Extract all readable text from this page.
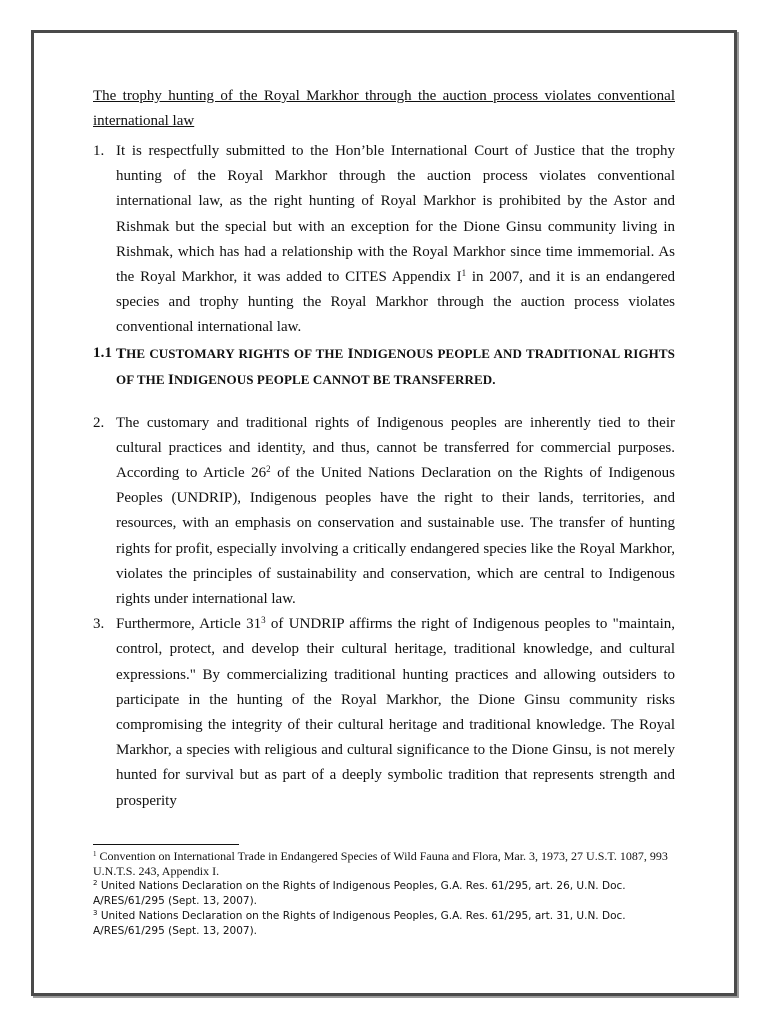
The trophy hunting of the Royal Markhor through the auction process violates conventional international law

1. It is respectfully submitted to the Hon’ble International Court of Justice that the trophy hunting of the Royal Markhor through the auction process violates conventional international law, as the right hunting of Royal Markhor is prohibited by the Astor and Rishmak but the special but with an exception for the Dione Ginsu community living in Rishmak, which has had a relationship with the Royal Markhor since time immemorial. As the Royal Markhor, it was added to CITES Appendix $I^1$ in 2007, and it is an endangered species and trophy hunting the Royal Markhor through the auction process violates conventional international law.

1.1 THE CUSTOMARY RIGHTS OF THE INDIGENOUS PEOPLE AND TRADITIONAL RIGHTS OF THE INDIGENOUS PEOPLE CANNOT BE TRANSFERRED.

2. The customary and traditional rights of Indigenous peoples are inherently tied to their cultural practices and identity, and thus, cannot be transferred for commercial purposes. According to Article $26^2$ of the United Nations Declaration on the Rights of Indigenous Peoples (UNDRIP), Indigenous peoples have the right to their lands, territories, and resources, with an emphasis on conservation and sustainable use. The transfer of hunting rights for profit, especially involving a critically endangered species like the Royal Markhor, violates the principles of sustainability and conservation, which are central to Indigenous rights under international law.

3. Furthermore, Article $31^3$ of UNDRIP affirms the right of Indigenous peoples to "maintain, control, protect, and develop their cultural heritage, traditional knowledge, and cultural expressions." By commercializing traditional hunting practices and allowing outsiders to participate in the hunting of the Royal Markhor, the Dione Ginsu community risks compromising the integrity of their cultural heritage and traditional knowledge. The Royal Markhor, a species with religious and cultural significance to the Dione Ginsu, is not merely hunted for survival but as part of a deeply symbolic tradition that represents strength and prosperity

$^1$ Convention on International Trade in Endangered Species of Wild Fauna and Flora, Mar. 3, 1973, 27 U.S.T. 1087, 993 U.N.T.S. 243, Appendix I.

$^2$ United Nations Declaration on the Rights of Indigenous Peoples, G.A. Res. 61/295, art. 26, U.N. Doc. A/RES/61/295 (Sept. 13, 2007).

$^3$ United Nations Declaration on the Rights of Indigenous Peoples, G.A. Res. 61/295, art. 31, U.N. Doc. A/RES/61/295 (Sept. 13, 2007).
